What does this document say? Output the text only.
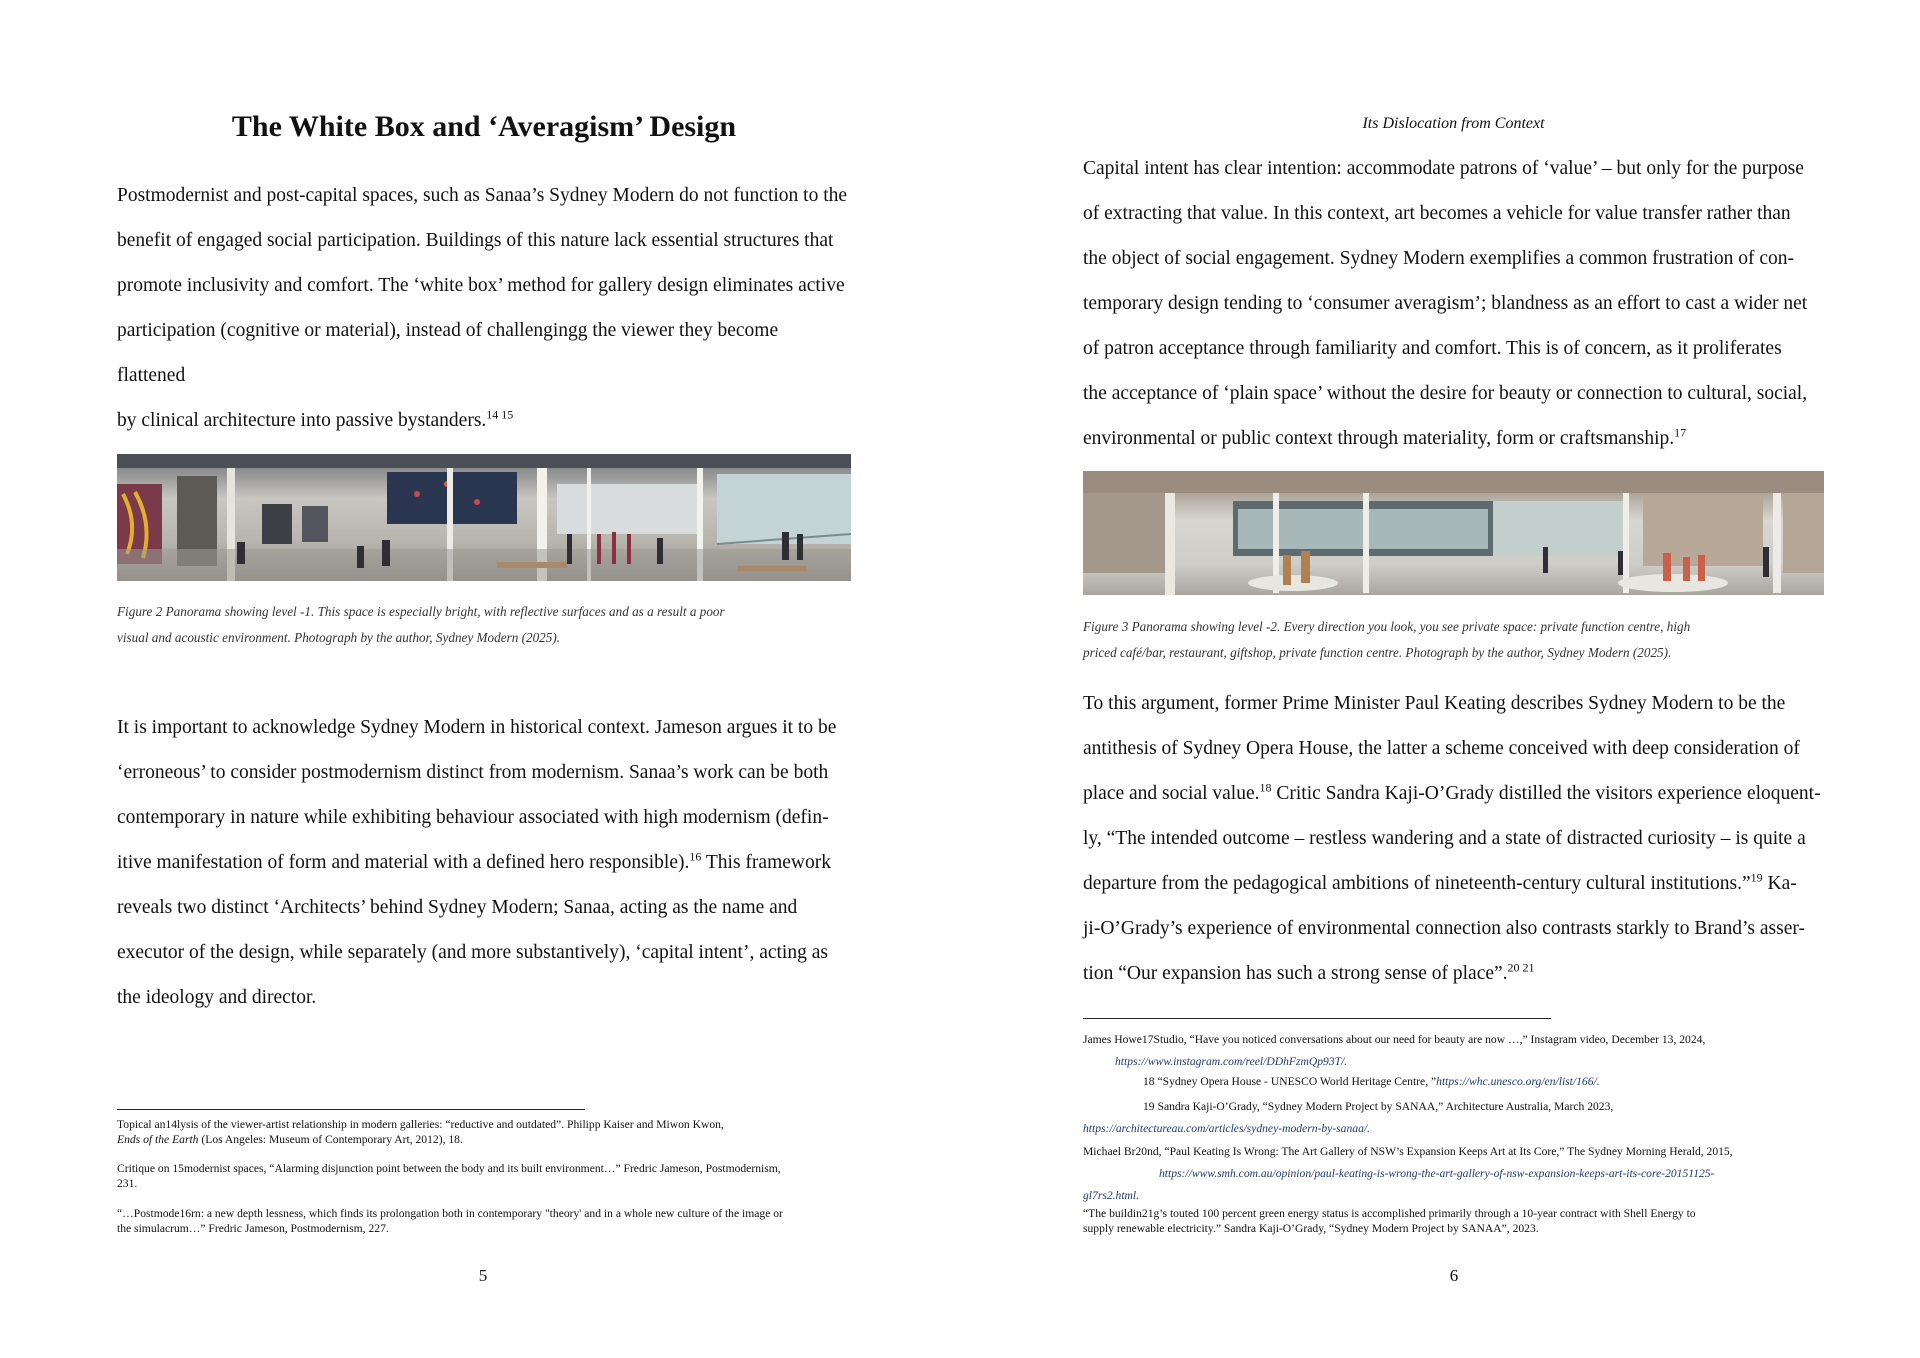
The White Box and ‘Averagism’ Design

Postmodernist and post-capital spaces, such as Sanaa’s Sydney Modern do not function to the
benefit of engaged social participation. Buildings of this nature lack essential structures that
promote inclusivity and comfort. The ‘white box’ method for gallery design eliminates active
participation (cognitive or material), instead of challengingg the viewer they become flattened
by clinical architecture into passive bystanders.$^{14 15}$

Figure 2 Panorama showing level -1. This space is especially bright, with reflective surfaces and as a result a poor
visual and acoustic environment. Photograph by the author, Sydney Modern (2025).

It is important to acknowledge Sydney Modern in historical context. Jameson argues it to be
‘erroneous’ to consider postmodernism distinct from modernism. Sanaa’s work can be both
contemporary in nature while exhibiting behaviour associated with high modernism (defin-
itive manifestation of form and material with a defined hero responsible).$^{16}$ This framework
reveals two distinct ‘Architects’ behind Sydney Modern; Sanaa, acting as the name and
executor of the design, while separately (and more substantively), ‘capital intent’, acting as
the ideology and director.

Topical an14lysis of the viewer-artist relationship in modern galleries: “reductive and outdated”. Philipp Kaiser and Miwon Kwon,
Ends of the Earth (Los Angeles: Museum of Contemporary Art, 2012), 18.

Critique on 15modernist spaces, “Alarming disjunction point between the body and its built environment…” Fredric Jameson, Postmodernism,
231.

“…Postmode16rn: a new depth lessness, which finds its prolongation both in contemporary "theory' and in a whole new culture of the image or
the simulacrum…” Fredric Jameson, Postmodernism, 227.

5

Its Dislocation from Context

Capital intent has clear intention: accommodate patrons of ‘value’ – but only for the purpose
of extracting that value. In this context, art becomes a vehicle for value transfer rather than
the object of social engagement. Sydney Modern exemplifies a common frustration of con-
temporary design tending to ‘consumer averagism’; blandness as an effort to cast a wider net
of patron acceptance through familiarity and comfort. This is of concern, as it proliferates
the acceptance of ‘plain space’ without the desire for beauty or connection to cultural, social,
environmental or public context through materiality, form or craftsmanship.$^{17}$

Figure 3 Panorama showing level -2. Every direction you look, you see private space: private function centre, high
priced café/bar, restaurant, giftshop, private function centre. Photograph by the author, Sydney Modern (2025).

To this argument, former Prime Minister Paul Keating describes Sydney Modern to be the
antithesis of Sydney Opera House, the latter a scheme conceived with deep consideration of
place and social value.$^{18}$ Critic Sandra Kaji-O’Grady distilled the visitors experience eloquent-
ly, “The intended outcome – restless wandering and a state of distracted curiosity – is quite a
departure from the pedagogical ambitions of nineteenth-century cultural institutions.”$^{19}$ Ka-
ji-O’Grady’s experience of environmental connection also contrasts starkly to Brand’s asser-
tion “Our expansion has such a strong sense of place”.$^{20 21}$

James Howe17Studio, “Have you noticed conversations about our need for beauty are now …,” Instagram video, December 13, 2024,
https://www.instagram.com/reel/DDhFzmQp93T/.

18 “Sydney Opera House - UNESCO World Heritage Centre, ”https://whc.unesco.org/en/list/166/.

19 Sandra Kaji-O’Grady, “Sydney Modern Project by SANAA,” Architecture Australia, March 2023,
https://architectureau.com/articles/sydney-modern-by-sanaa/.

Michael Br20nd, “Paul Keating Is Wrong: The Art Gallery of NSW’s Expansion Keeps Art at Its Core,” The Sydney Morning Herald, 2015,
https://www.smh.com.au/opinion/paul-keating-is-wrong-the-art-gallery-of-nsw-expansion-keeps-art-its-core-20151125-
gl7rs2.html.

“The buildin21g’s touted 100 percent green energy status is accomplished primarily through a 10-year contract with Shell Energy to
supply renewable electricity.” Sandra Kaji-O’Grady, “Sydney Modern Project by SANAA”, 2023.

6
